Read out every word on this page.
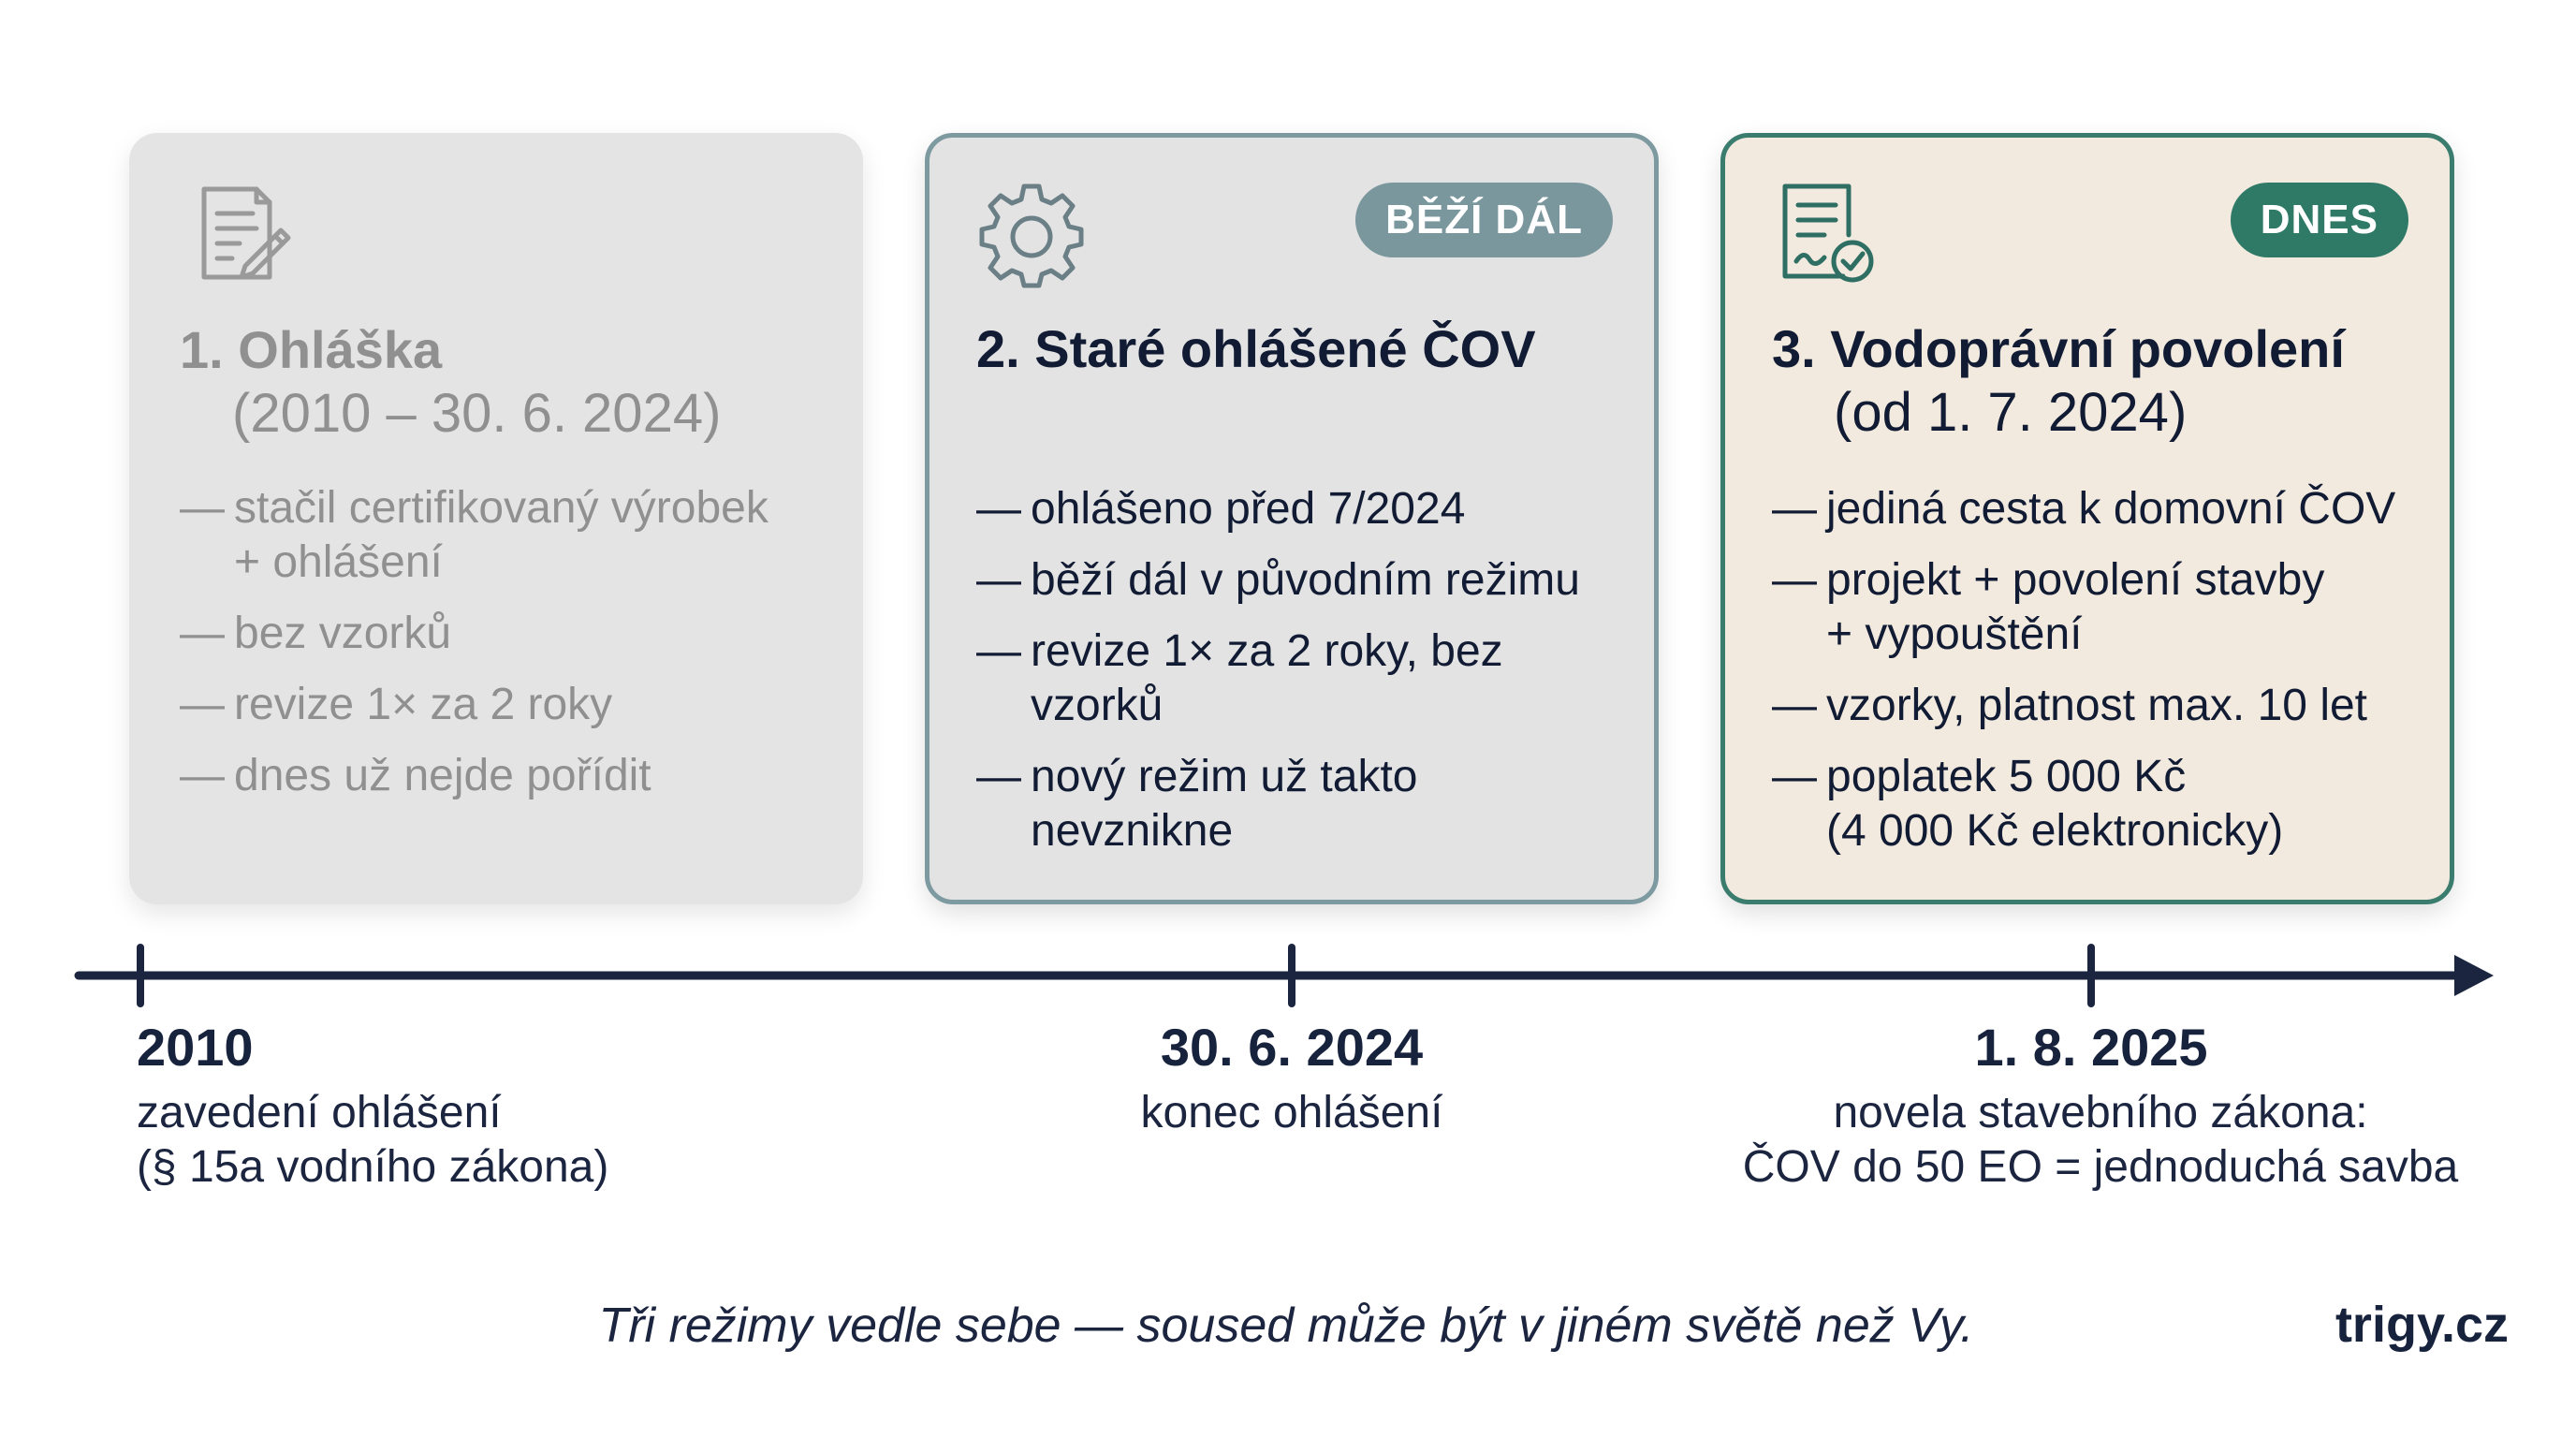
1. Ohláška
(2010 – 30. 6. 2024)
— stačil certifikovaný výrobek
+ ohlášení
— bez vzorků
— revize 1× za 2 roky
— dnes už nejde pořídit
BĚŽÍ DÁL
2. Staré ohlášené ČOV
— ohlášeno před 7/2024
— běží dál v původním režimu
— revize 1× za 2 roky, bez
vzorků
— nový režim už takto
nevznikne
DNES
3. Vodoprávní povolení
(od 1. 7. 2024)
— jediná cesta k domovní ČOV
— projekt + povolení stavby
+ vypouštění
— vzorky, platnost max. 10 let
— poplatek 5 000 Kč
(4 000 Kč elektronicky)
2010
zavedení ohlášení
(§ 15a vodního zákona)
30. 6. 2024
konec ohlášení
1. 8. 2025
novela stavebního zákona:
ČOV do 50 EO = jednoduchá savba
Tři režimy vedle sebe — soused může být v jiném světě než Vy.	trigy.cz
